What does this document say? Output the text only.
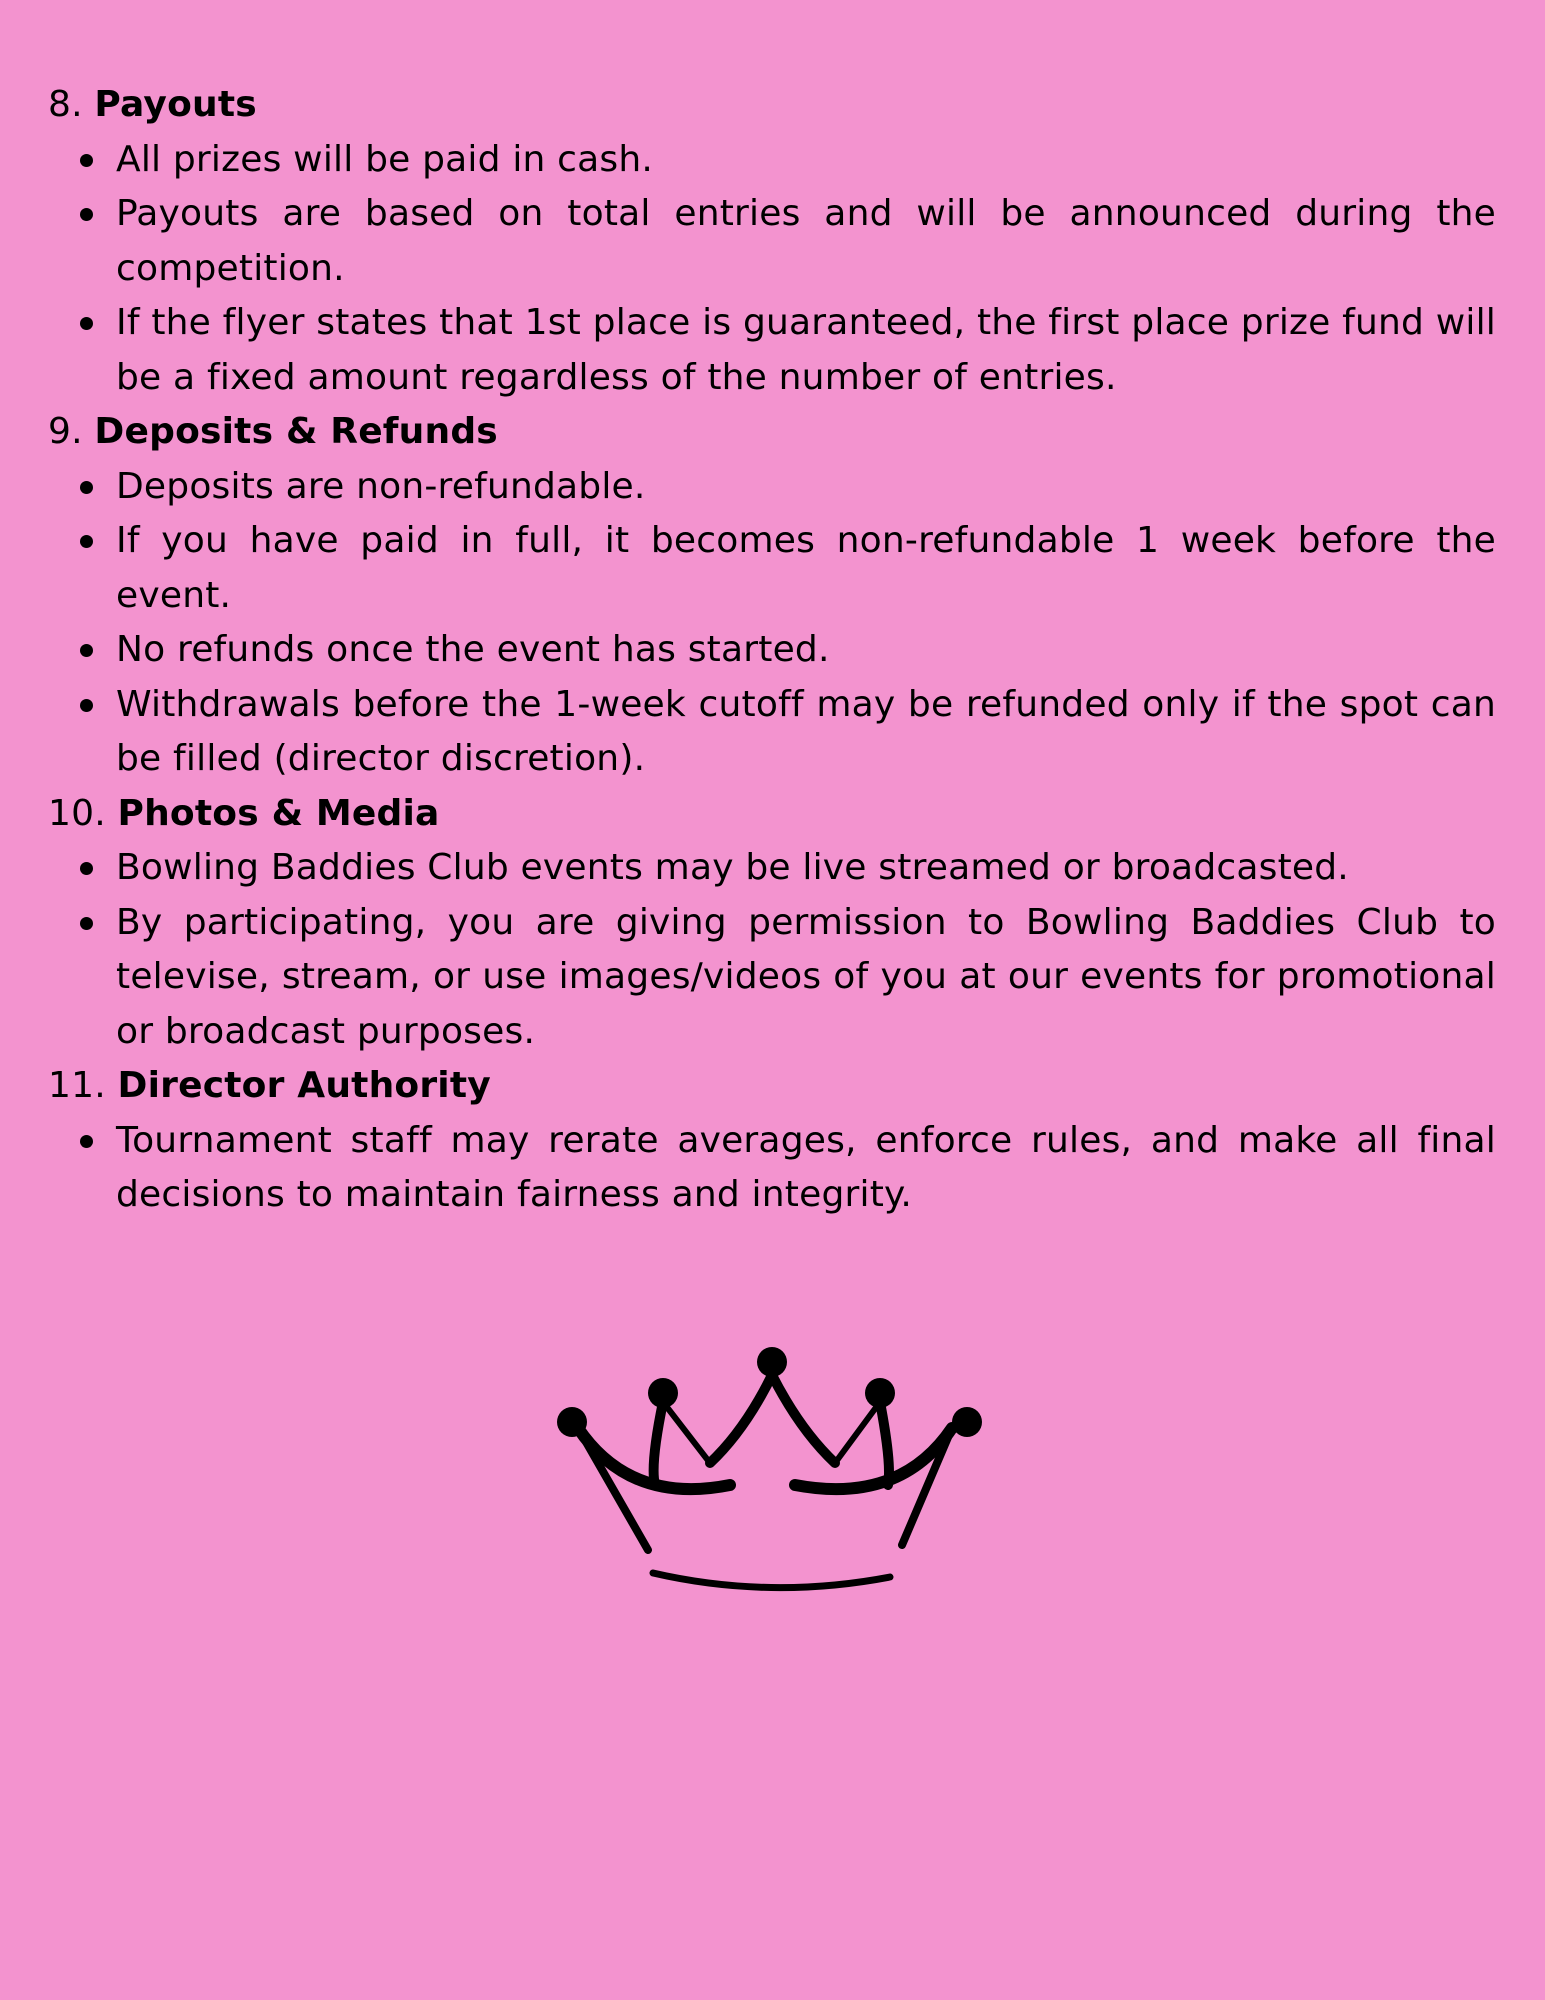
8. Payouts
All prizes will be paid in cash.
Payouts are based on total entries and will be announced during the competition.
If the flyer states that 1st place is guaranteed, the first place prize fund will be a fixed amount regardless of the number of entries.
9. Deposits & Refunds
Deposits are non-refundable.
If you have paid in full, it becomes non-refundable 1 week before the event.
No refunds once the event has started.
Withdrawals before the 1-week cutoff may be refunded only if the spot can be filled (director discretion).
10. Photos & Media
Bowling Baddies Club events may be live streamed or broadcasted.
By participating, you are giving permission to Bowling Baddies Club to televise, stream, or use images/videos of you at our events for promotional or broadcast purposes.
11. Director Authority
Tournament staff may rerate averages, enforce rules, and make all final decisions to maintain fairness and integrity.
